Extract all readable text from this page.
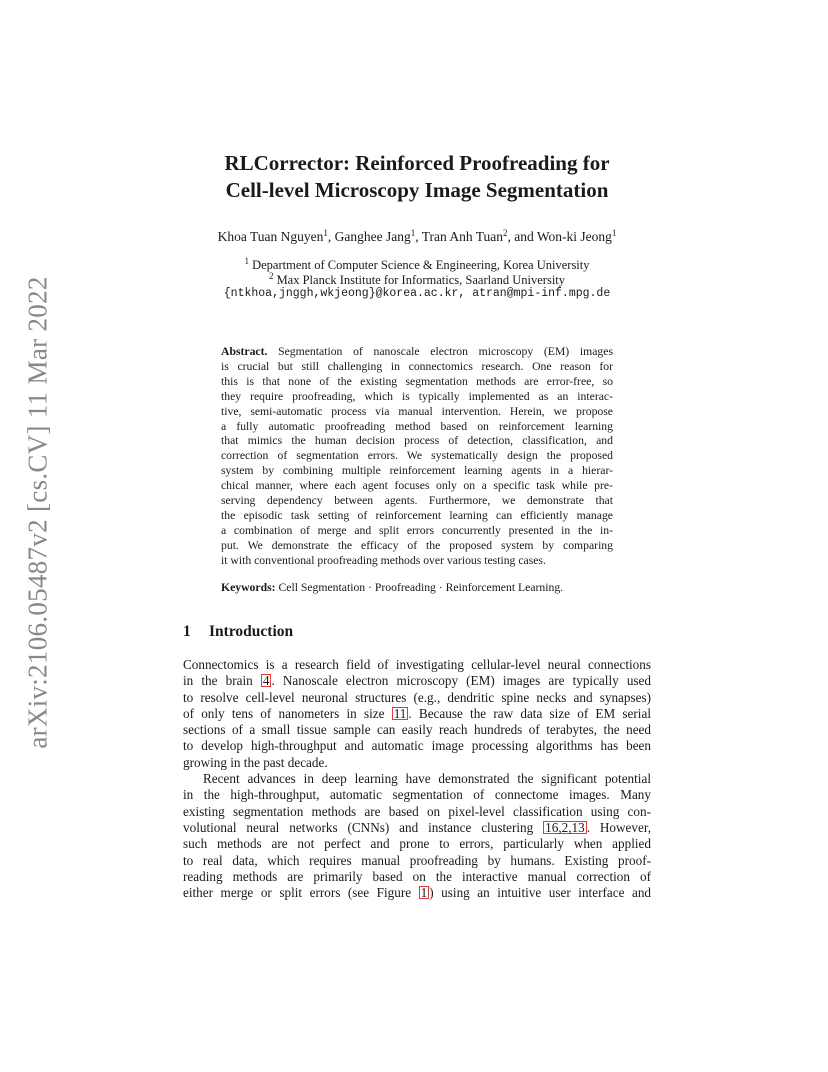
arXiv:2106.05487v2 [cs.CV] 11 Mar 2022
RLCorrector: Reinforced Proofreading for
Cell-level Microscopy Image Segmentation
Khoa Tuan Nguyen$^1$, Ganghee Jang$^1$, Tran Anh Tuan$^2$, and Won-ki Jeong$^1$
$^1$ Department of Computer Science & Engineering, Korea University
$^2$ Max Planck Institute for Informatics, Saarland University
{ntkhoa,jnggh,wkjeong}@korea.ac.kr, atran@mpi-inf.mpg.de
Abstract. Segmentation of nanoscale electron microscopy (EM) images
is crucial but still challenging in connectomics research. One reason for
this is that none of the existing segmentation methods are error-free, so
they require proofreading, which is typically implemented as an interac-
tive, semi-automatic process via manual intervention. Herein, we propose
a fully automatic proofreading method based on reinforcement learning
that mimics the human decision process of detection, classification, and
correction of segmentation errors. We systematically design the proposed
system by combining multiple reinforcement learning agents in a hierar-
chical manner, where each agent focuses only on a specific task while pre-
serving dependency between agents. Furthermore, we demonstrate that
the episodic task setting of reinforcement learning can efficiently manage
a combination of merge and split errors concurrently presented in the in-
put. We demonstrate the efficacy of the proposed system by comparing
it with conventional proofreading methods over various testing cases.
Keywords: Cell Segmentation · Proofreading · Reinforcement Learning.
1 Introduction
Connectomics is a research field of investigating cellular-level neural connections
in the brain 4 . Nanoscale electron microscopy (EM) images are typically used
to resolve cell-level neuronal structures (e.g., dendritic spine necks and synapses)
of only tens of nanometers in size 11 . Because the raw data size of EM serial
sections of a small tissue sample can easily reach hundreds of terabytes, the need
to develop high-throughput and automatic image processing algorithms has been
growing in the past decade.
Recent advances in deep learning have demonstrated the significant potential
in the high-throughput, automatic segmentation of connectome images. Many
existing segmentation methods are based on pixel-level classification using con-
volutional neural networks (CNNs) and instance clustering 16,2,13 . However,
such methods are not perfect and prone to errors, particularly when applied
to real data, which requires manual proofreading by humans. Existing proof-
reading methods are primarily based on the interactive manual correction of
either merge or split errors (see Figure 1 ) using an intuitive user interface and
